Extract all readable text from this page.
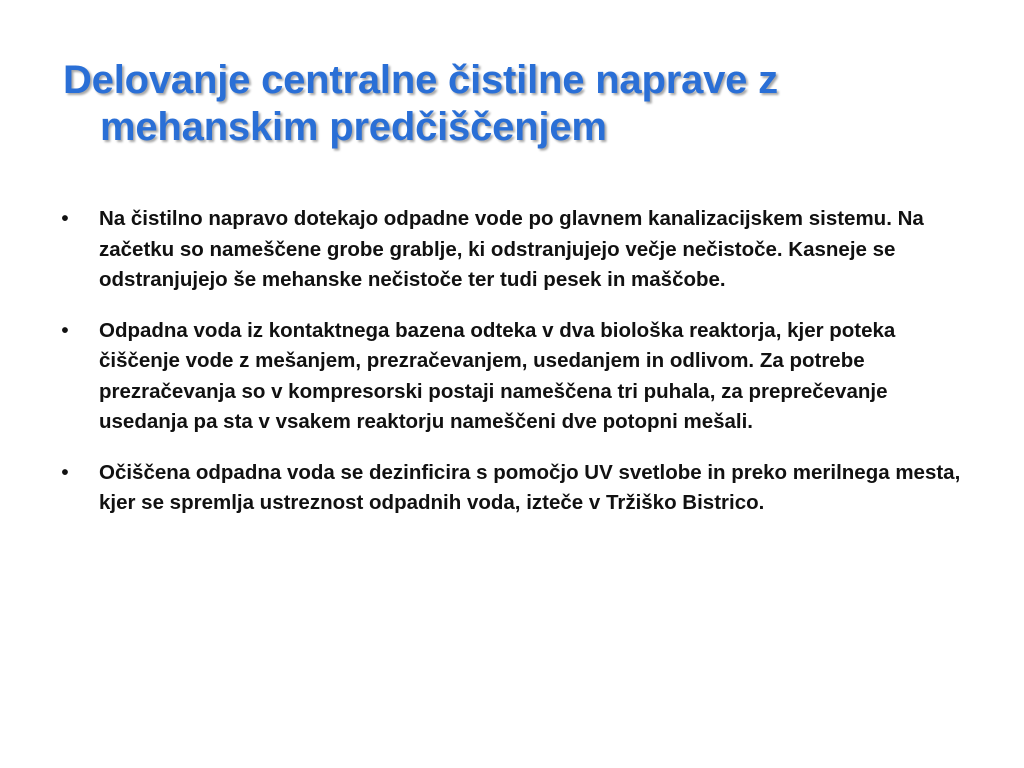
Delovanje centralne čistilne naprave z mehanskim predčiščenjem
• Na čistilno napravo dotekajo odpadne vode po glavnem kanalizacijskem sistemu. Na začetku so nameščene grobe grablje, ki odstranjujejo večje nečistoče. Kasneje se odstranjujejo še mehanske nečistoče ter tudi pesek in maščobe.
• Odpadna voda iz kontaktnega bazena odteka v dva biološka reaktorja, kjer poteka čiščenje vode z mešanjem, prezračevanjem, usedanjem in odlivom. Za potrebe prezračevanja so v kompresorski postaji nameščena tri puhala, za preprečevanje usedanja pa sta v vsakem reaktorju nameščeni dve potopni mešali.
• Očiščena odpadna voda se dezinficira s pomočjo UV svetlobe in preko merilnega mesta, kjer se spremlja ustreznost odpadnih voda, izteče v Tržiško Bistrico.
